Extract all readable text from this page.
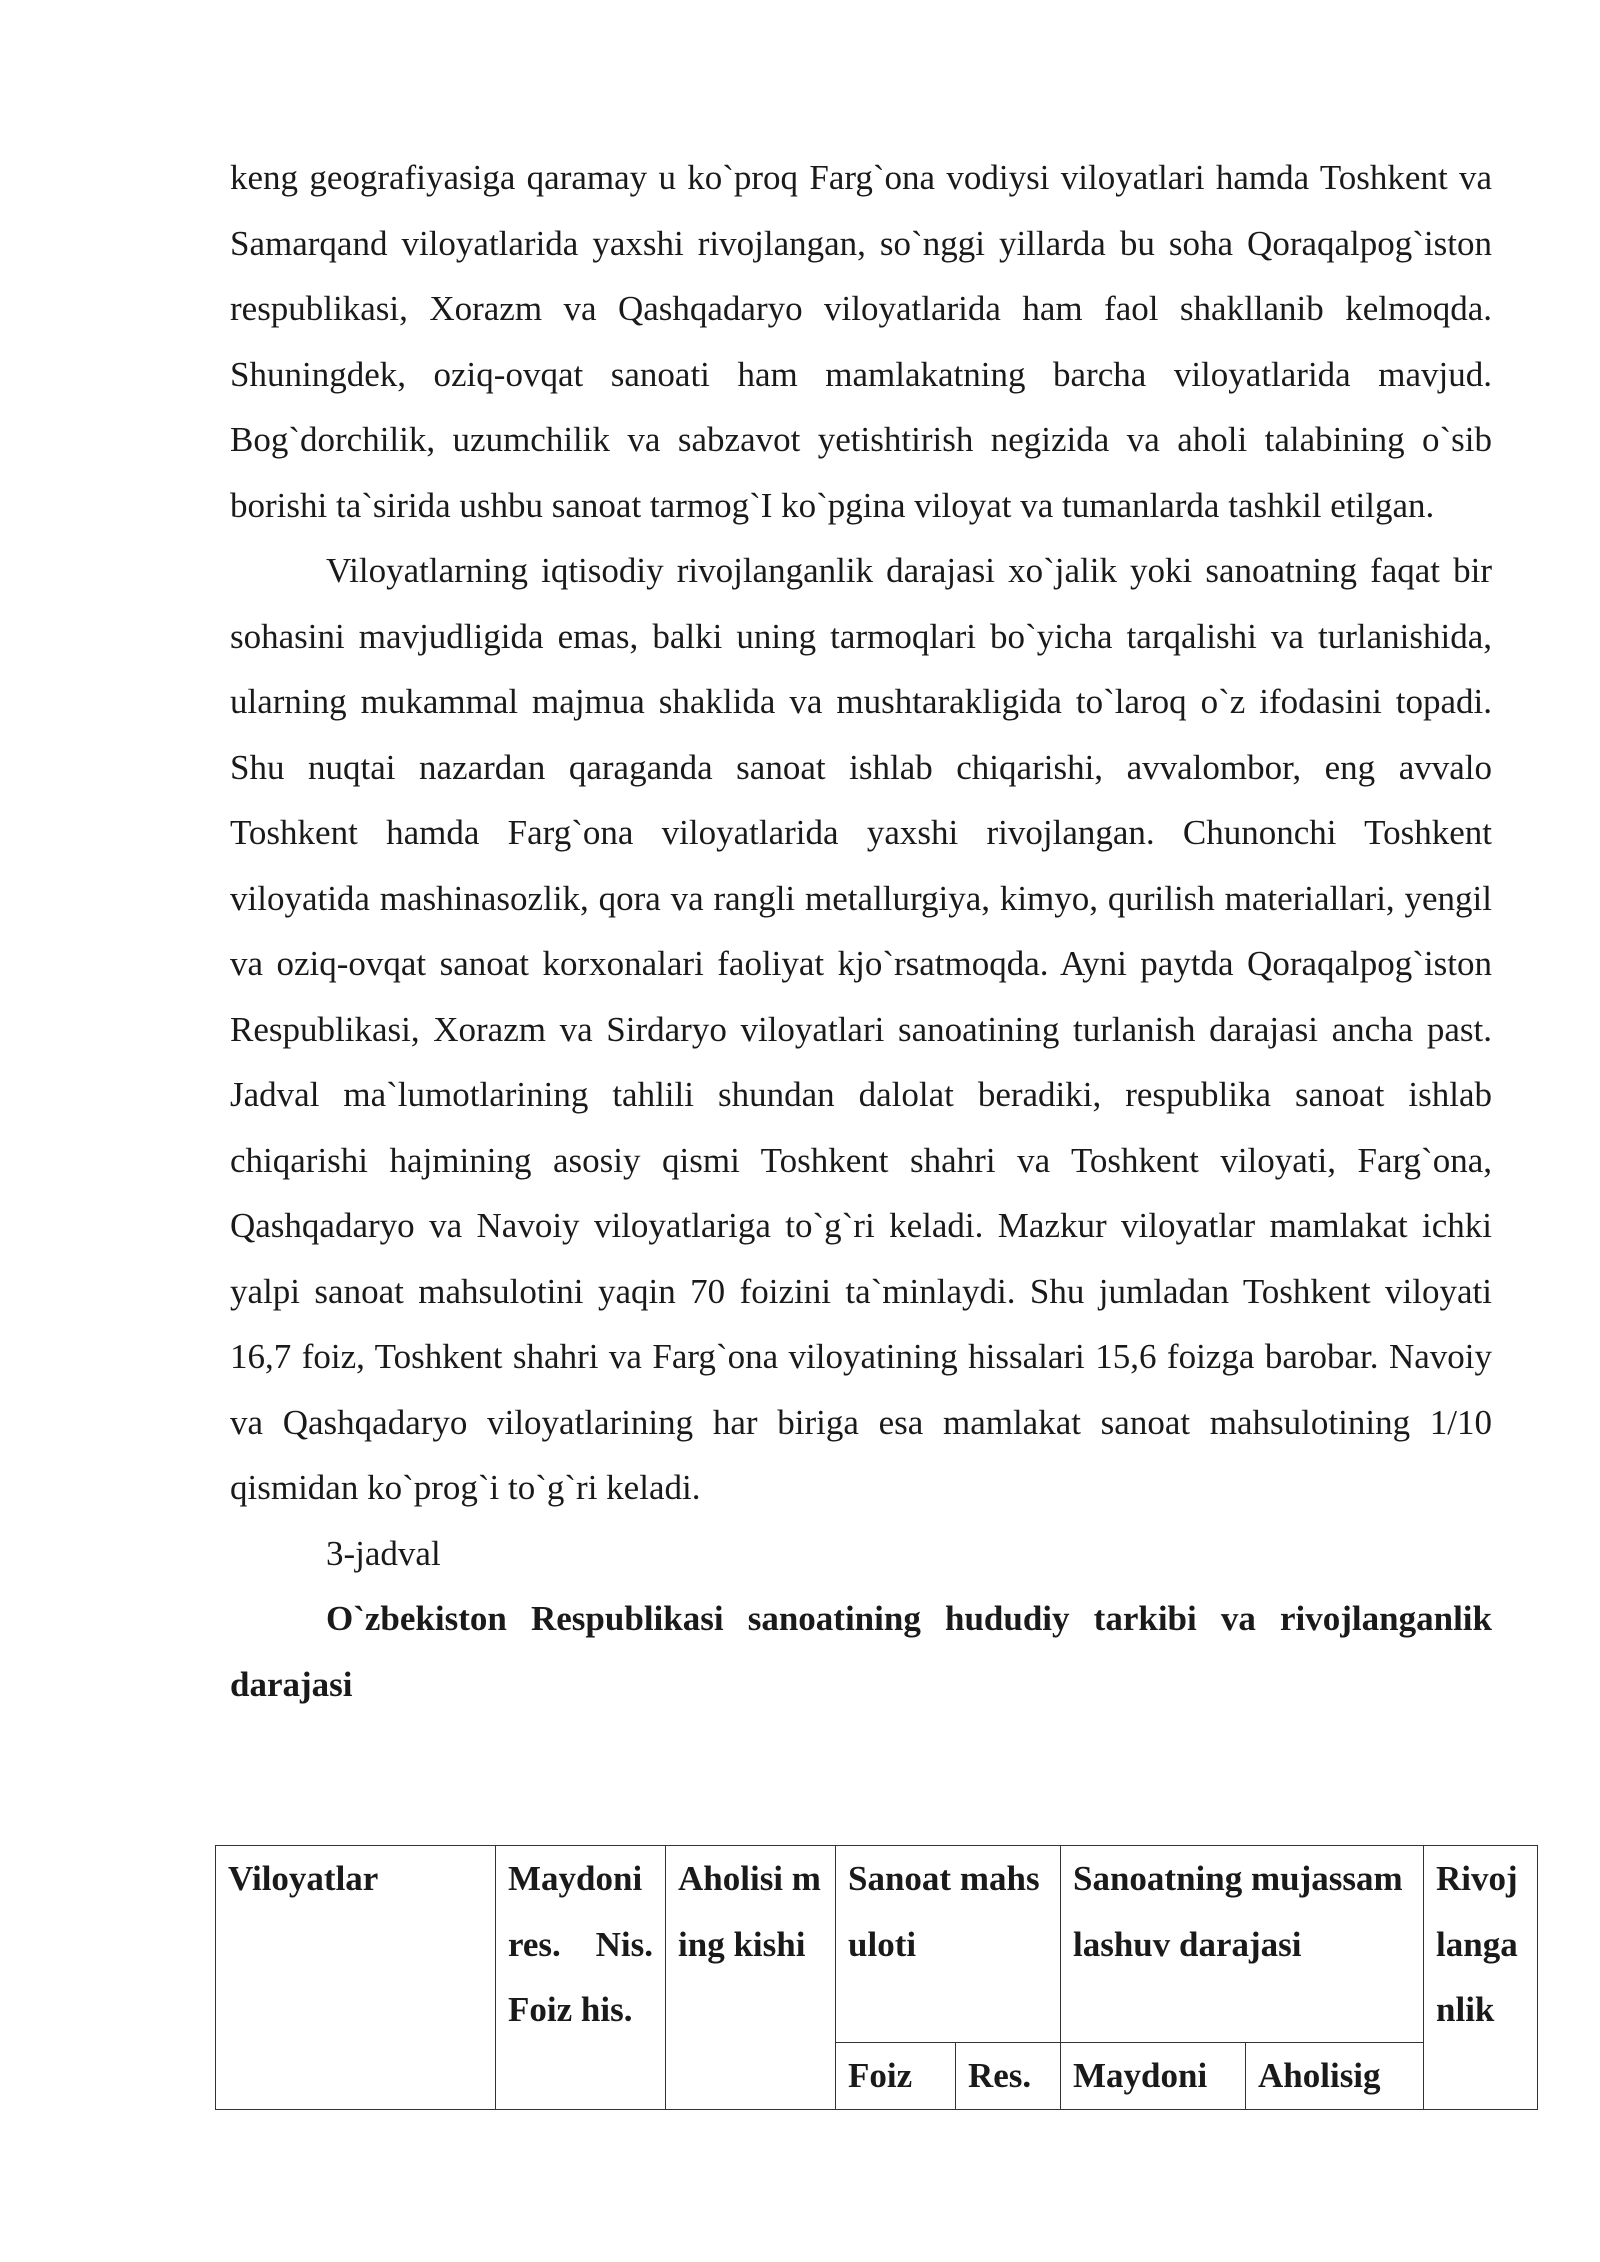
keng geografiyasiga qaramay u ko`proq Farg`ona vodiysi viloyatlari hamda Toshkent va Samarqand viloyatlarida yaxshi rivojlangan, so`nggi yillarda bu soha Qoraqalpog`iston respublikasi, Xorazm va Qashqadaryo viloyatlarida ham faol shakllanib kelmoqda. Shuningdek, oziq-ovqat sanoati ham mamlakatning barcha viloyatlarida mavjud. Bog`dorchilik, uzumchilik va sabzavot yetishtirish negizida va aholi talabining o`sib borishi ta`sirida ushbu sanoat tarmog`I ko`pgina viloyat va tumanlarda tashkil etilgan.

Viloyatlarning iqtisodiy rivojlanganlik darajasi xo`jalik yoki sanoatning faqat bir sohasini mavjudligida emas, balki uning tarmoqlari bo`yicha tarqalishi va turlanishida, ularning mukammal majmua shaklida va mushtarakligida to`laroq o`z ifodasini topadi. Shu nuqtai nazardan qaraganda sanoat ishlab chiqarishi, avvalombor, eng avvalo Toshkent hamda Farg`ona viloyatlarida yaxshi rivojlangan. Chunonchi Toshkent viloyatida mashinasozlik, qora va rangli metallurgiya, kimyo, qurilish materiallari, yengil va oziq-ovqat sanoat korxonalari faoliyat kjo`rsatmoqda. Ayni paytda Qoraqalpog`iston Respublikasi, Xorazm va Sirdaryo viloyatlari sanoatining turlanish darajasi ancha past. Jadval ma`lumotlarining tahlili shundan dalolat beradiki, respublika sanoat ishlab chiqarishi hajmining asosiy qismi Toshkent shahri va Toshkent viloyati, Farg`ona, Qashqadaryo va Navoiy viloyatlariga to`g`ri keladi. Mazkur viloyatlar mamlakat ichki yalpi sanoat mahsulotini yaqin 70 foizini ta`minlaydi. Shu jumladan Toshkent viloyati 16,7 foiz, Toshkent shahri va Farg`ona viloyatining hissalari 15,6 foizga barobar. Navoiy va Qashqadaryo viloyatlarining har biriga esa mamlakat sanoat mahsulotining 1/10 qismidan ko`prog`i to`g`ri keladi.

3-jadval

O`zbekiston Respublikasi sanoatining hududiy tarkibi va rivojlanganlik darajasi

Viloyatlar	Maydoni res. Nis. Foiz his.	Aholisi ming kishi	Sanoat mahsuloti		Sanoatning mujassamlashuv darajasi		Rivojlanganlik
			Foiz	Res.	Maydoni	Aholisig	
